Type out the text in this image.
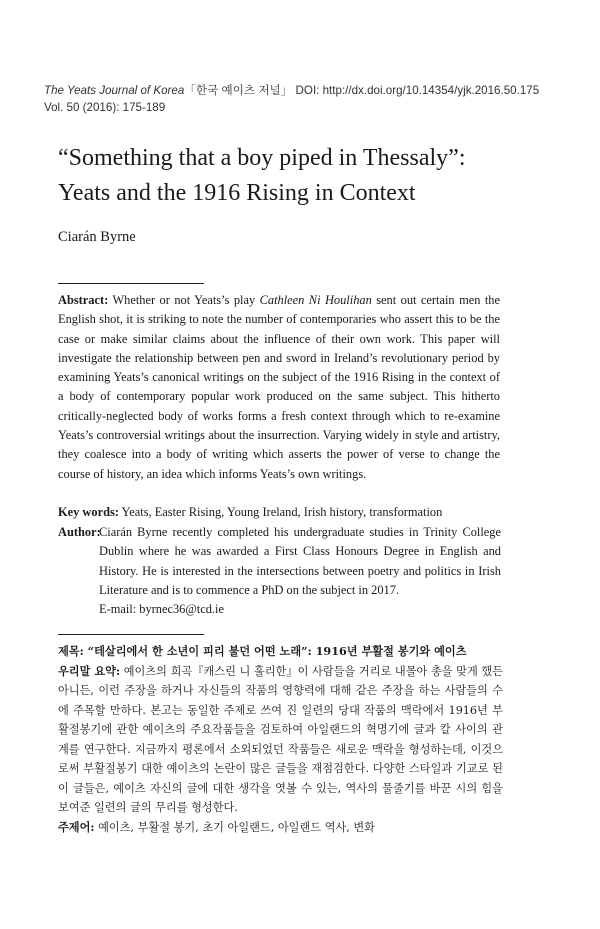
The Yeats Journal of Korea「한국 예이츠 저널」 DOI: http://dx.doi.org/10.14354/yjk.2016.50.175
Vol. 50 (2016): 175-189
“Something that a boy piped in Thessaly”:
Yeats and the 1916 Rising in Context
Ciarán Byrne
Abstract: Whether or not Yeats’s play Cathleen Ni Houlihan sent out certain men the English shot, it is striking to note the number of contemporaries who assert this to be the case or make similar claims about the influence of their own work. This paper will investigate the relationship between pen and sword in Ireland’s revolutionary period by examining Yeats’s canonical writings on the subject of the 1916 Rising in the context of a body of contemporary popular work produced on the same subject. This hitherto critically-neglected body of works forms a fresh context through which to re-examine Yeats’s controversial writings about the insurrection. Varying widely in style and artistry, they coalesce into a body of writing which asserts the power of verse to change the course of history, an idea which informs Yeats’s own writings.
Key words: Yeats, Easter Rising, Young Ireland, Irish history, transformation
Author:Ciarán Byrne recently completed his undergraduate studies in Trinity College Dublin where he was awarded a First Class Honours Degree in English and History. He is interested in the intersections between poetry and politics in Irish Literature and is to commence a PhD on the subject in 2017.
E-mail: byrnec36@tcd.ie
제목: “테살리에서 한 소년이 피리 불던 어떤 노래”: 1916년 부활절 봉기와 예이츠
우리말 요약: 예이츠의 희곡『캐스린 니 훌리한』이 사람들을 거리로 내몰아 총을 맞게 했든 아니든, 이런 주장을 하거나 자신들의 작품의 영향력에 대해 같은 주장을 하는 사람들의 수에 주목할 만하다. 본고는 동일한 주제로 쓰여 진 일련의 당대 작품의 맥락에서 1916년 부활절봉기에 관한 예이츠의 주요작품들을 검토하여 아일랜드의 혁명기에 글과 칼 사이의 관계를 연구한다. 지금까지 평론에서 소외되었던 작품들은 새로운 맥락을 형성하는데, 이것으로써 부활절봉기 대한 예이츠의 논란이 많은 글들을 재점검한다. 다양한 스타일과 기교로 된 이 글들은, 예이츠 자신의 글에 대한 생각을 엿볼 수 있는, 역사의 물줄기를 바꾼 시의 힘을 보여준 일련의 글의 무리를 형성한다.
주제어: 예이츠, 부활절 봉기, 초기 아일랜드, 아일랜드 역사, 변화
